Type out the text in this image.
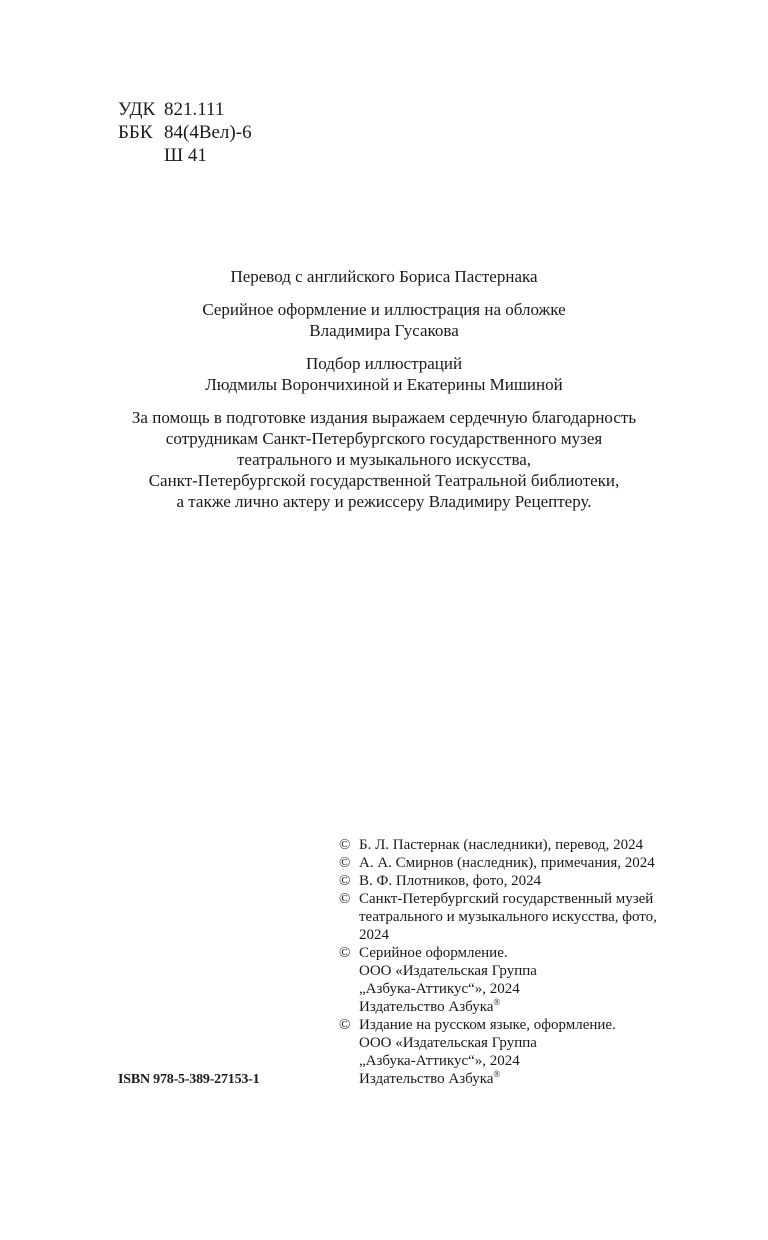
УДК 821.111
ББК 84(4Вел)-6
Ш 41

Перевод с английского Бориса Пастернака

Серийное оформление и иллюстрация на обложке
Владимира Гусакова

Подбор иллюстраций
Людмилы Ворончихиной и Екатерины Мишиной

За помощь в подготовке издания выражаем сердечную благодарность
сотрудникам Санкт-Петербургского государственного музея
театрального и музыкального искусства,
Санкт-Петербургской государственной Театральной библиотеки,
а также лично актеру и режиссеру Владимиру Рецептеру.

© Б. Л. Пастернак (наследники), перевод, 2024
© А. А. Смирнов (наследник), примечания, 2024
© В. Ф. Плотников, фото, 2024
© Санкт-Петербургский государственный музей
театрального и музыкального искусства, фото,
2024
© Серийное оформление.
ООО «Издательская Группа
„Азбука-Аттикус“», 2024
Издательство Азбука®
© Издание на русском языке, оформление.
ООО «Издательская Группа
„Азбука-Аттикус“», 2024
Издательство Азбука®
ISBN 978-5-389-27153-1
